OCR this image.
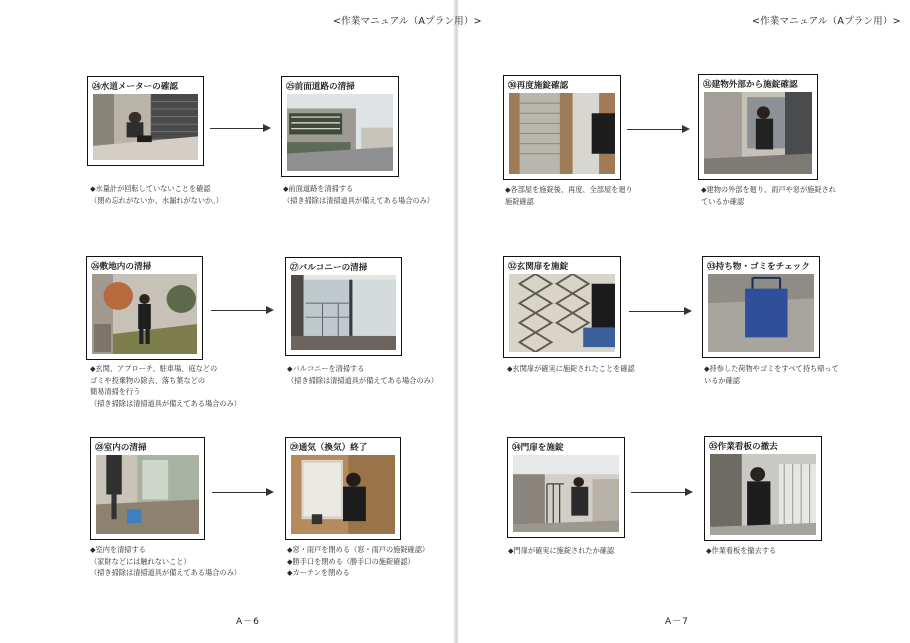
<作業マニュアル（Aプラン用）>
㉔水道メーターの確認	㉕前面道路の清掃
◆水量計が回転していないことを確認
（閉め忘れがないか、水漏れがないか。）
◆前面道路を清掃する
（掃き掃除は清掃道具が備えてある場合のみ）
㉖敷地内の清掃	㉗バルコニーの清掃
◆玄関、アプローチ、駐車場、庭などの
ゴミや投棄物の除去、落ち葉などの
簡易清掃を行う
（掃き掃除は清掃道具が備えてある場合のみ）
◆バルコニーを清掃する
（掃き掃除は清掃道具が備えてある場合のみ）
㉘室内の清掃	㉙通気（換気）終了
◆室内を清掃する
（家財などには触れないこと）
（掃き掃除は清掃道具が備えてある場合のみ）
◆窓・雨戸を閉める（窓・雨戸の施錠確認）
◆勝手口を閉める（勝手口の施錠確認）
◆カーテンを閉める
A－6
<作業マニュアル（Aプラン用）>
㉚再度施錠確認	㉛建物外部から施錠確認
◆各部屋を施錠後、再度、全部屋を廻り
施錠確認
◆建物の外部を廻り、雨戸や窓が施錠され
ているか確認
㉜玄関扉を施錠	㉝持ち物・ゴミをチェック
◆玄関扉が確実に施錠されたことを確認	◆持参した荷物やゴミをすべて持ち帰って
いるか確認
㉞門扉を施錠	㉟作業看板の撤去
◆門扉が確実に施錠されたか確認	◆作業看板を撤去する
A－7
